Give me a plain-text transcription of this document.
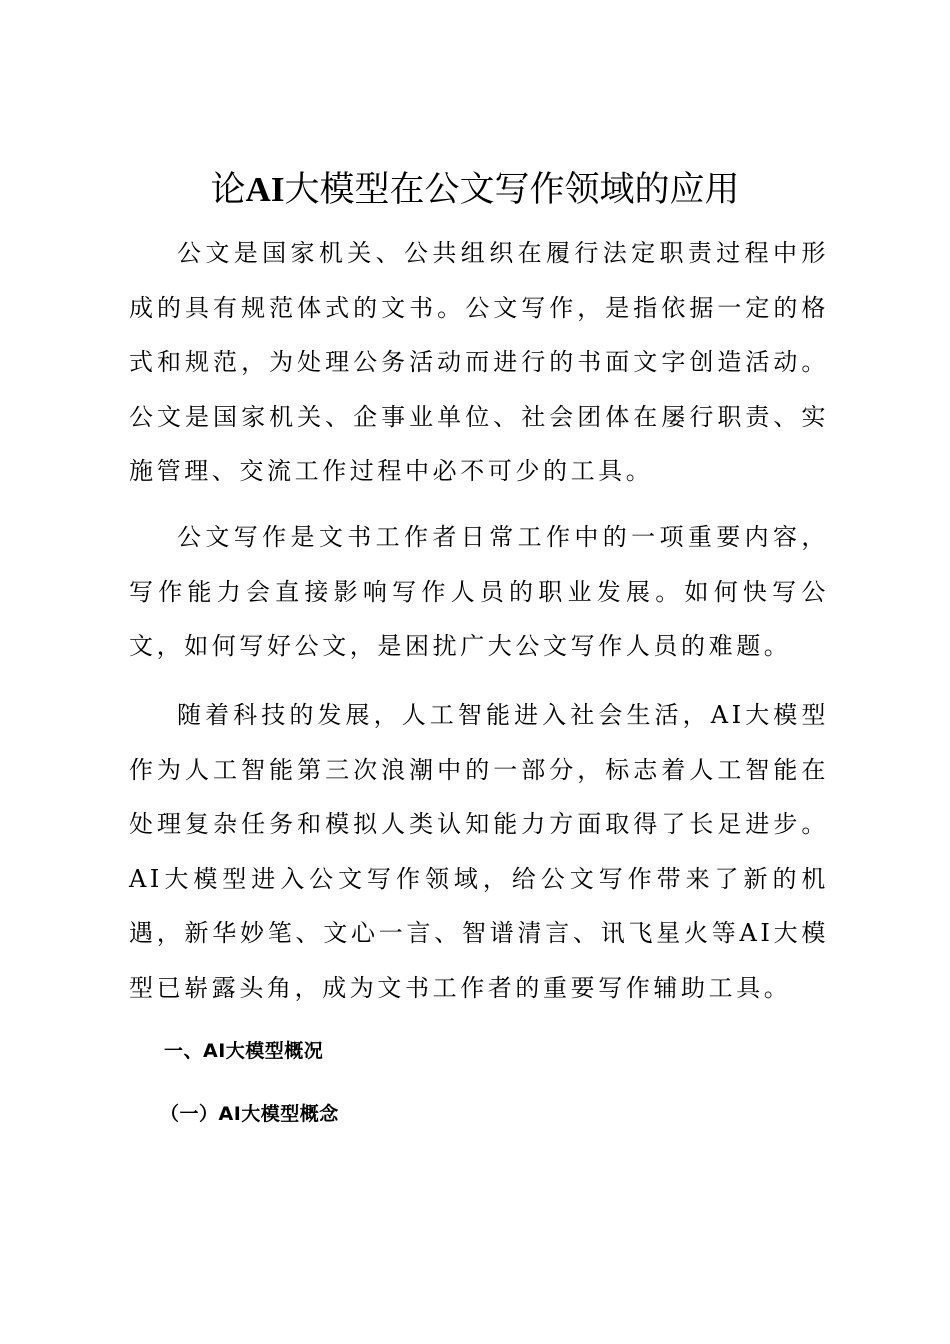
论AI大模型在公文写作领域的应用

公文是国家机关、公共组织在履行法定职责过程中形成的具有规范体式的文书。公文写作，是指依据一定的格式和规范，为处理公务活动而进行的书面文字创造活动。公文是国家机关、企事业单位、社会团体在屡行职责、实施管理、交流工作过程中必不可少的工具。

公文写作是文书工作者日常工作中的一项重要内容，写作能力会直接影响写作人员的职业发展。如何快写公文，如何写好公文，是困扰广大公文写作人员的难题。

随着科技的发展，人工智能进入社会生活，AI大模型作为人工智能第三次浪潮中的一部分，标志着人工智能在处理复杂任务和模拟人类认知能力方面取得了长足进步。AI大模型进入公文写作领域，给公文写作带来了新的机遇，新华妙笔、文心一言、智谱清言、讯飞星火等AI大模型已崭露头角，成为文书工作者的重要写作辅助工具。

一、AI大模型概况
（一）AI大模型概念
